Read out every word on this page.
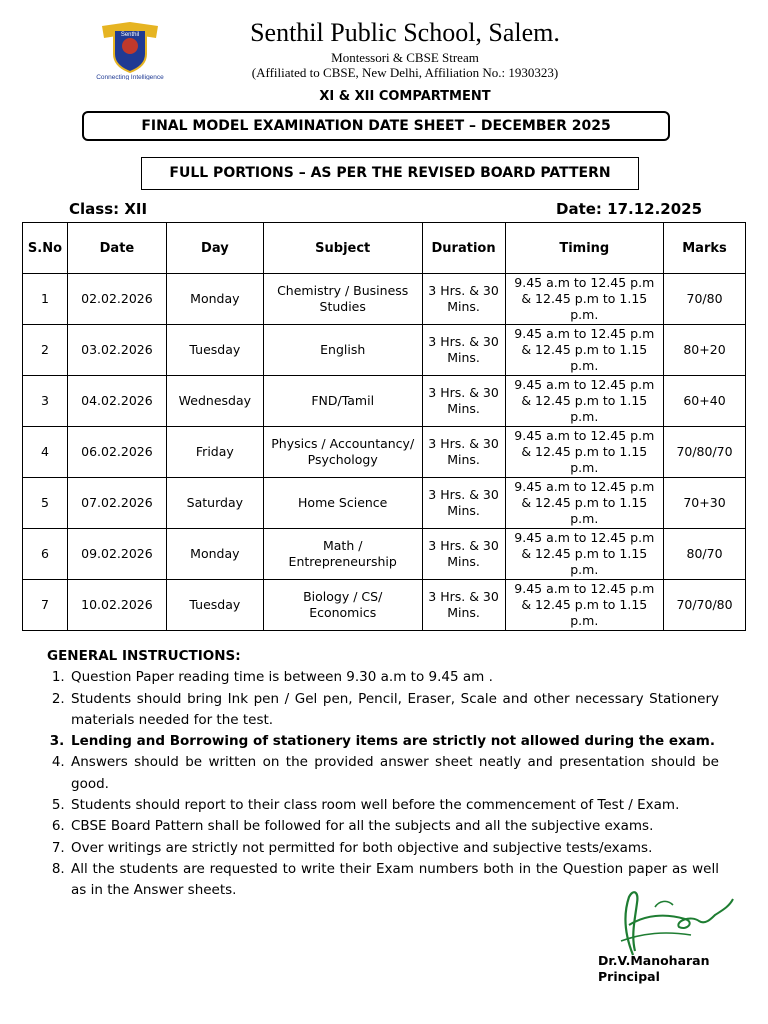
Senthil
Connecting Intelligence
Senthil Public School, Salem.
Montessori & CBSE Stream
(Affiliated to CBSE, New Delhi, Affiliation No.: 1930323)
XI & XII COMPARTMENT
FINAL MODEL EXAMINATION DATE SHEET – DECEMBER 2025
FULL PORTIONS – AS PER THE REVISED BOARD PATTERN
Class: XII	Date: 17.12.2025
S.No	Date	Day	Subject	Duration	Timing	Marks
1	02.02.2026	Monday	Chemistry / Business Studies	3 Hrs. & 30 Mins.	9.45 a.m to 12.45 p.m & 12.45 p.m to 1.15 p.m.	70/80
2	03.02.2026	Tuesday	English	3 Hrs. & 30 Mins.	9.45 a.m to 12.45 p.m & 12.45 p.m to 1.15 p.m.	80+20
3	04.02.2026	Wednesday	FND/Tamil	3 Hrs. & 30 Mins.	9.45 a.m to 12.45 p.m & 12.45 p.m to 1.15 p.m.	60+40
4	06.02.2026	Friday	Physics / Accountancy/ Psychology	3 Hrs. & 30 Mins.	9.45 a.m to 12.45 p.m & 12.45 p.m to 1.15 p.m.	70/80/70
5	07.02.2026	Saturday	Home Science	3 Hrs. & 30 Mins.	9.45 a.m to 12.45 p.m & 12.45 p.m to 1.15 p.m.	70+30
6	09.02.2026	Monday	Math / Entrepreneurship	3 Hrs. & 30 Mins.	9.45 a.m to 12.45 p.m & 12.45 p.m to 1.15 p.m.	80/70
7	10.02.2026	Tuesday	Biology / CS/ Economics	3 Hrs. & 30 Mins.	9.45 a.m to 12.45 p.m & 12.45 p.m to 1.15 p.m.	70/70/80
GENERAL INSTRUCTIONS:
1. Question Paper reading time is between 9.30 a.m to 9.45 am .
2. Students should bring Ink pen / Gel pen, Pencil, Eraser, Scale and other necessary Stationery materials needed for the test.
3. Lending and Borrowing of stationery items are strictly not allowed during the exam.
4. Answers should be written on the provided answer sheet neatly and presentation should be good.
5. Students should report to their class room well before the commencement of Test / Exam.
6. CBSE Board Pattern shall be followed for all the subjects and all the subjective exams.
7. Over writings are strictly not permitted for both objective and subjective tests/exams.
8. All the students are requested to write their Exam numbers both in the Question paper as well as in the Answer sheets.
Dr.V.Manoharan
Principal
